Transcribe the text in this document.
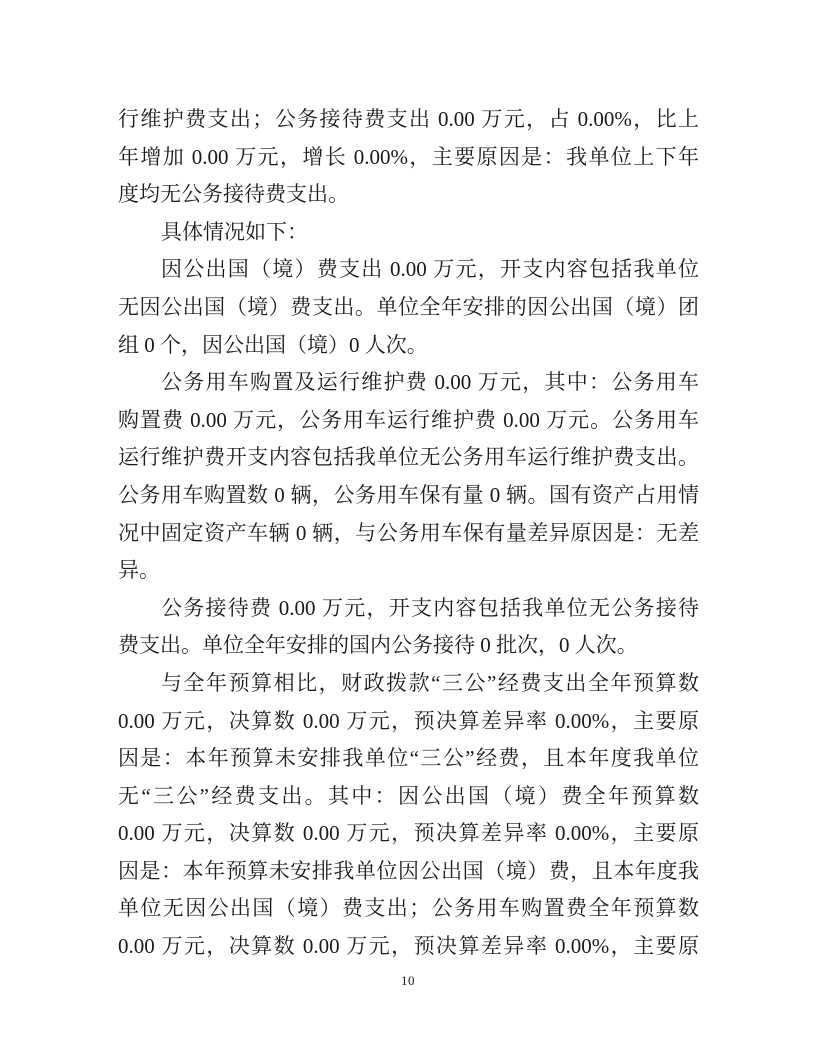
行维护费支出；公务接待费支出 0.00 万元，占 0.00%，比上
年增加 0.00 万元，增长 0.00%，主要原因是：我单位上下年
度均无公务接待费支出。
具体情况如下：
因公出国（境）费支出 0.00 万元，开支内容包括我单位
无因公出国（境）费支出。单位全年安排的因公出国（境）团
组 0 个，因公出国（境）0 人次。
公务用车购置及运行维护费 0.00 万元，其中：公务用车
购置费 0.00 万元，公务用车运行维护费 0.00 万元。公务用车
运行维护费开支内容包括我单位无公务用车运行维护费支出。
公务用车购置数 0 辆，公务用车保有量 0 辆。国有资产占用情
况中固定资产车辆 0 辆，与公务用车保有量差异原因是：无差
异。
公务接待费 0.00 万元，开支内容包括我单位无公务接待
费支出。单位全年安排的国内公务接待 0 批次，0 人次。
与全年预算相比，财政拨款“三公”经费支出全年预算数
0.00 万元，决算数 0.00 万元，预决算差异率 0.00%，主要原
因是：本年预算未安排我单位“三公”经费，且本年度我单位
无“三公”经费支出。其中：因公出国（境）费全年预算数
0.00 万元，决算数 0.00 万元，预决算差异率 0.00%，主要原
因是：本年预算未安排我单位因公出国（境）费，且本年度我
单位无因公出国（境）费支出；公务用车购置费全年预算数
0.00 万元，决算数 0.00 万元，预决算差异率 0.00%，主要原
10
